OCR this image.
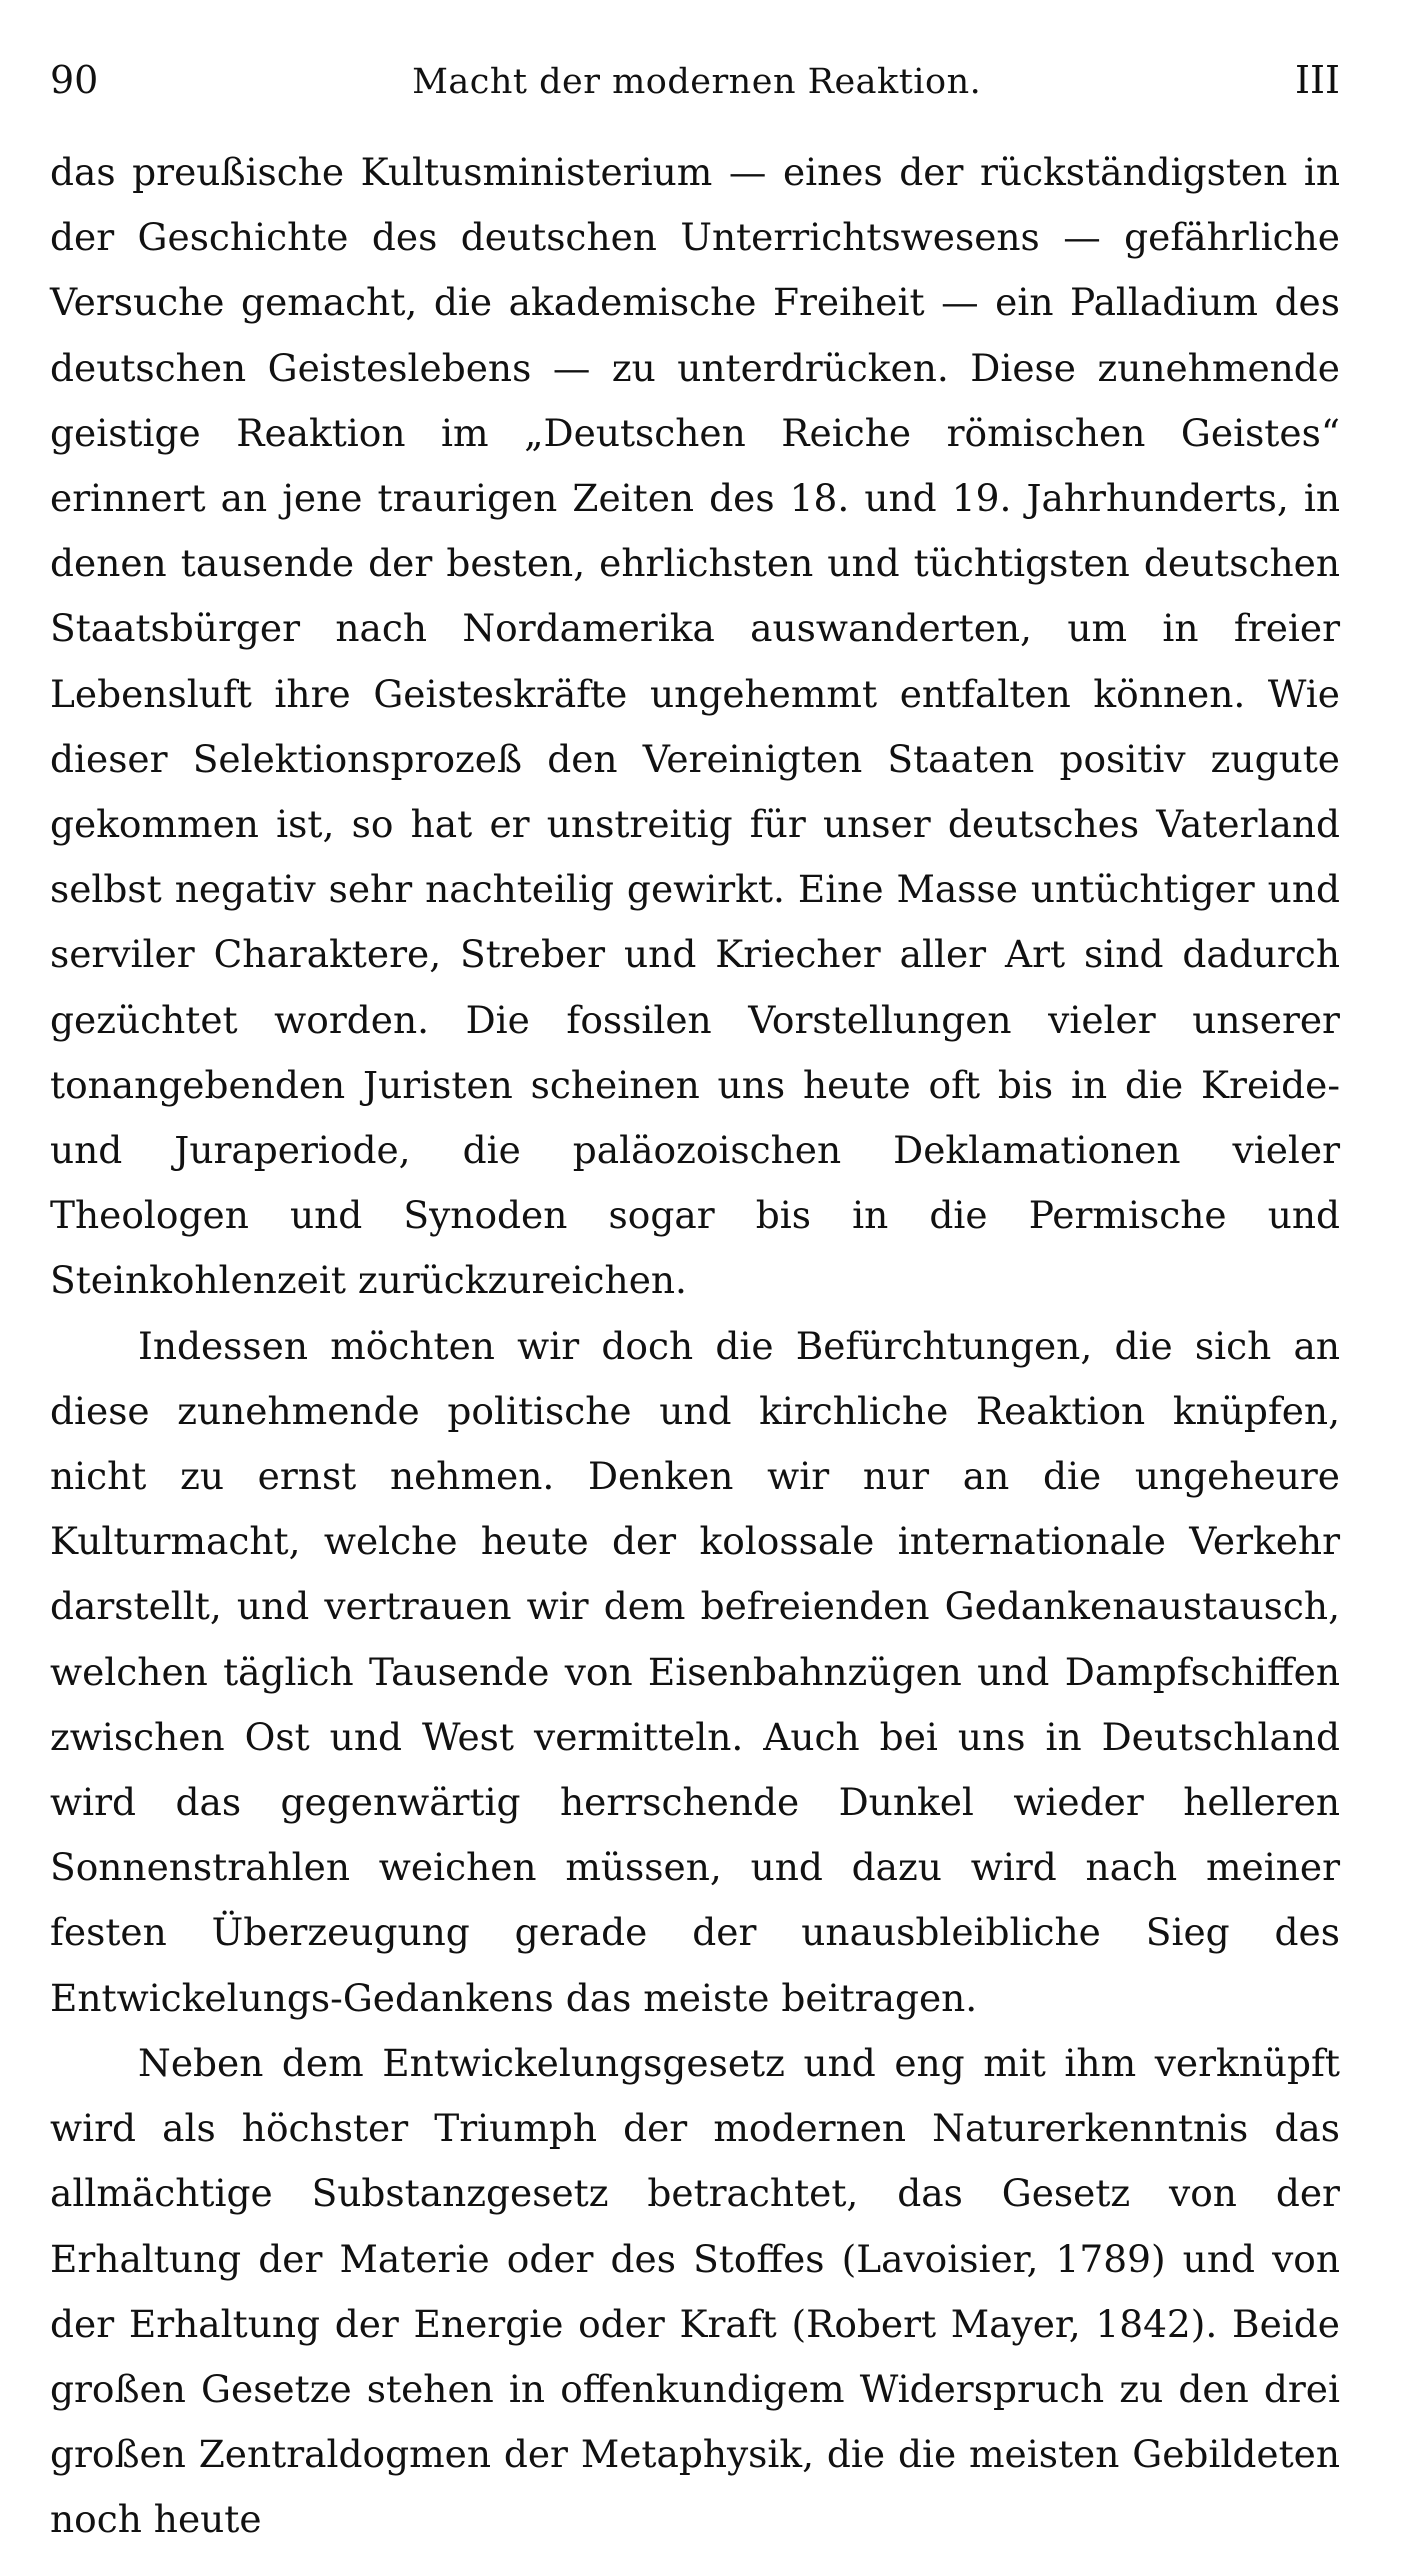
90	Macht der modernen Reaktion.	III

das preußische Kultusministerium — eines der rückständigsten in der Geschichte des deutschen Unterrichtswesens — gefährliche Versuche gemacht, die akademische Freiheit — ein Palladium des deutschen Geisteslebens — zu unterdrücken. Diese zunehmende geistige Reaktion im „Deutschen Reiche römischen Geistes“ erinnert an jene traurigen Zeiten des 18. und 19. Jahrhunderts, in denen tausende der besten, ehrlichsten und tüchtigsten deutschen Staatsbürger nach Nordamerika auswanderten, um in freier Lebensluft ihre Geisteskräfte ungehemmt entfalten können. Wie dieser Selektionsprozeß den Vereinigten Staaten positiv zugute gekommen ist, so hat er unstreitig für unser deutsches Vaterland selbst negativ sehr nachteilig gewirkt. Eine Masse untüchtiger und serviler Charaktere, Streber und Kriecher aller Art sind dadurch gezüchtet worden. Die fossilen Vorstellungen vieler unserer tonangebenden Juristen scheinen uns heute oft bis in die Kreide- und Juraperiode, die paläozoischen Deklamationen vieler Theologen und Synoden sogar bis in die Permische und Steinkohlenzeit zurückzureichen.

Indessen möchten wir doch die Befürchtungen, die sich an diese zunehmende politische und kirchliche Reaktion knüpfen, nicht zu ernst nehmen. Denken wir nur an die ungeheure Kulturmacht, welche heute der kolossale internationale Verkehr darstellt, und vertrauen wir dem befreienden Gedankenaustausch, welchen täglich Tausende von Eisenbahnzügen und Dampfschiffen zwischen Ost und West vermitteln. Auch bei uns in Deutschland wird das gegenwärtig herrschende Dunkel wieder helleren Sonnenstrahlen weichen müssen, und dazu wird nach meiner festen Überzeugung gerade der unausbleibliche Sieg des Entwickelungs-Gedankens das meiste beitragen.

Neben dem Entwickelungsgesetz und eng mit ihm verknüpft wird als höchster Triumph der modernen Naturerkenntnis das allmächtige Substanzgesetz betrachtet, das Gesetz von der Erhaltung der Materie oder des Stoffes (Lavoisier, 1789) und von der Erhaltung der Energie oder Kraft (Robert Mayer, 1842). Beide großen Gesetze stehen in offenkundigem Widerspruch zu den drei großen Zentraldogmen der Metaphysik, die die meisten Gebildeten noch heute
